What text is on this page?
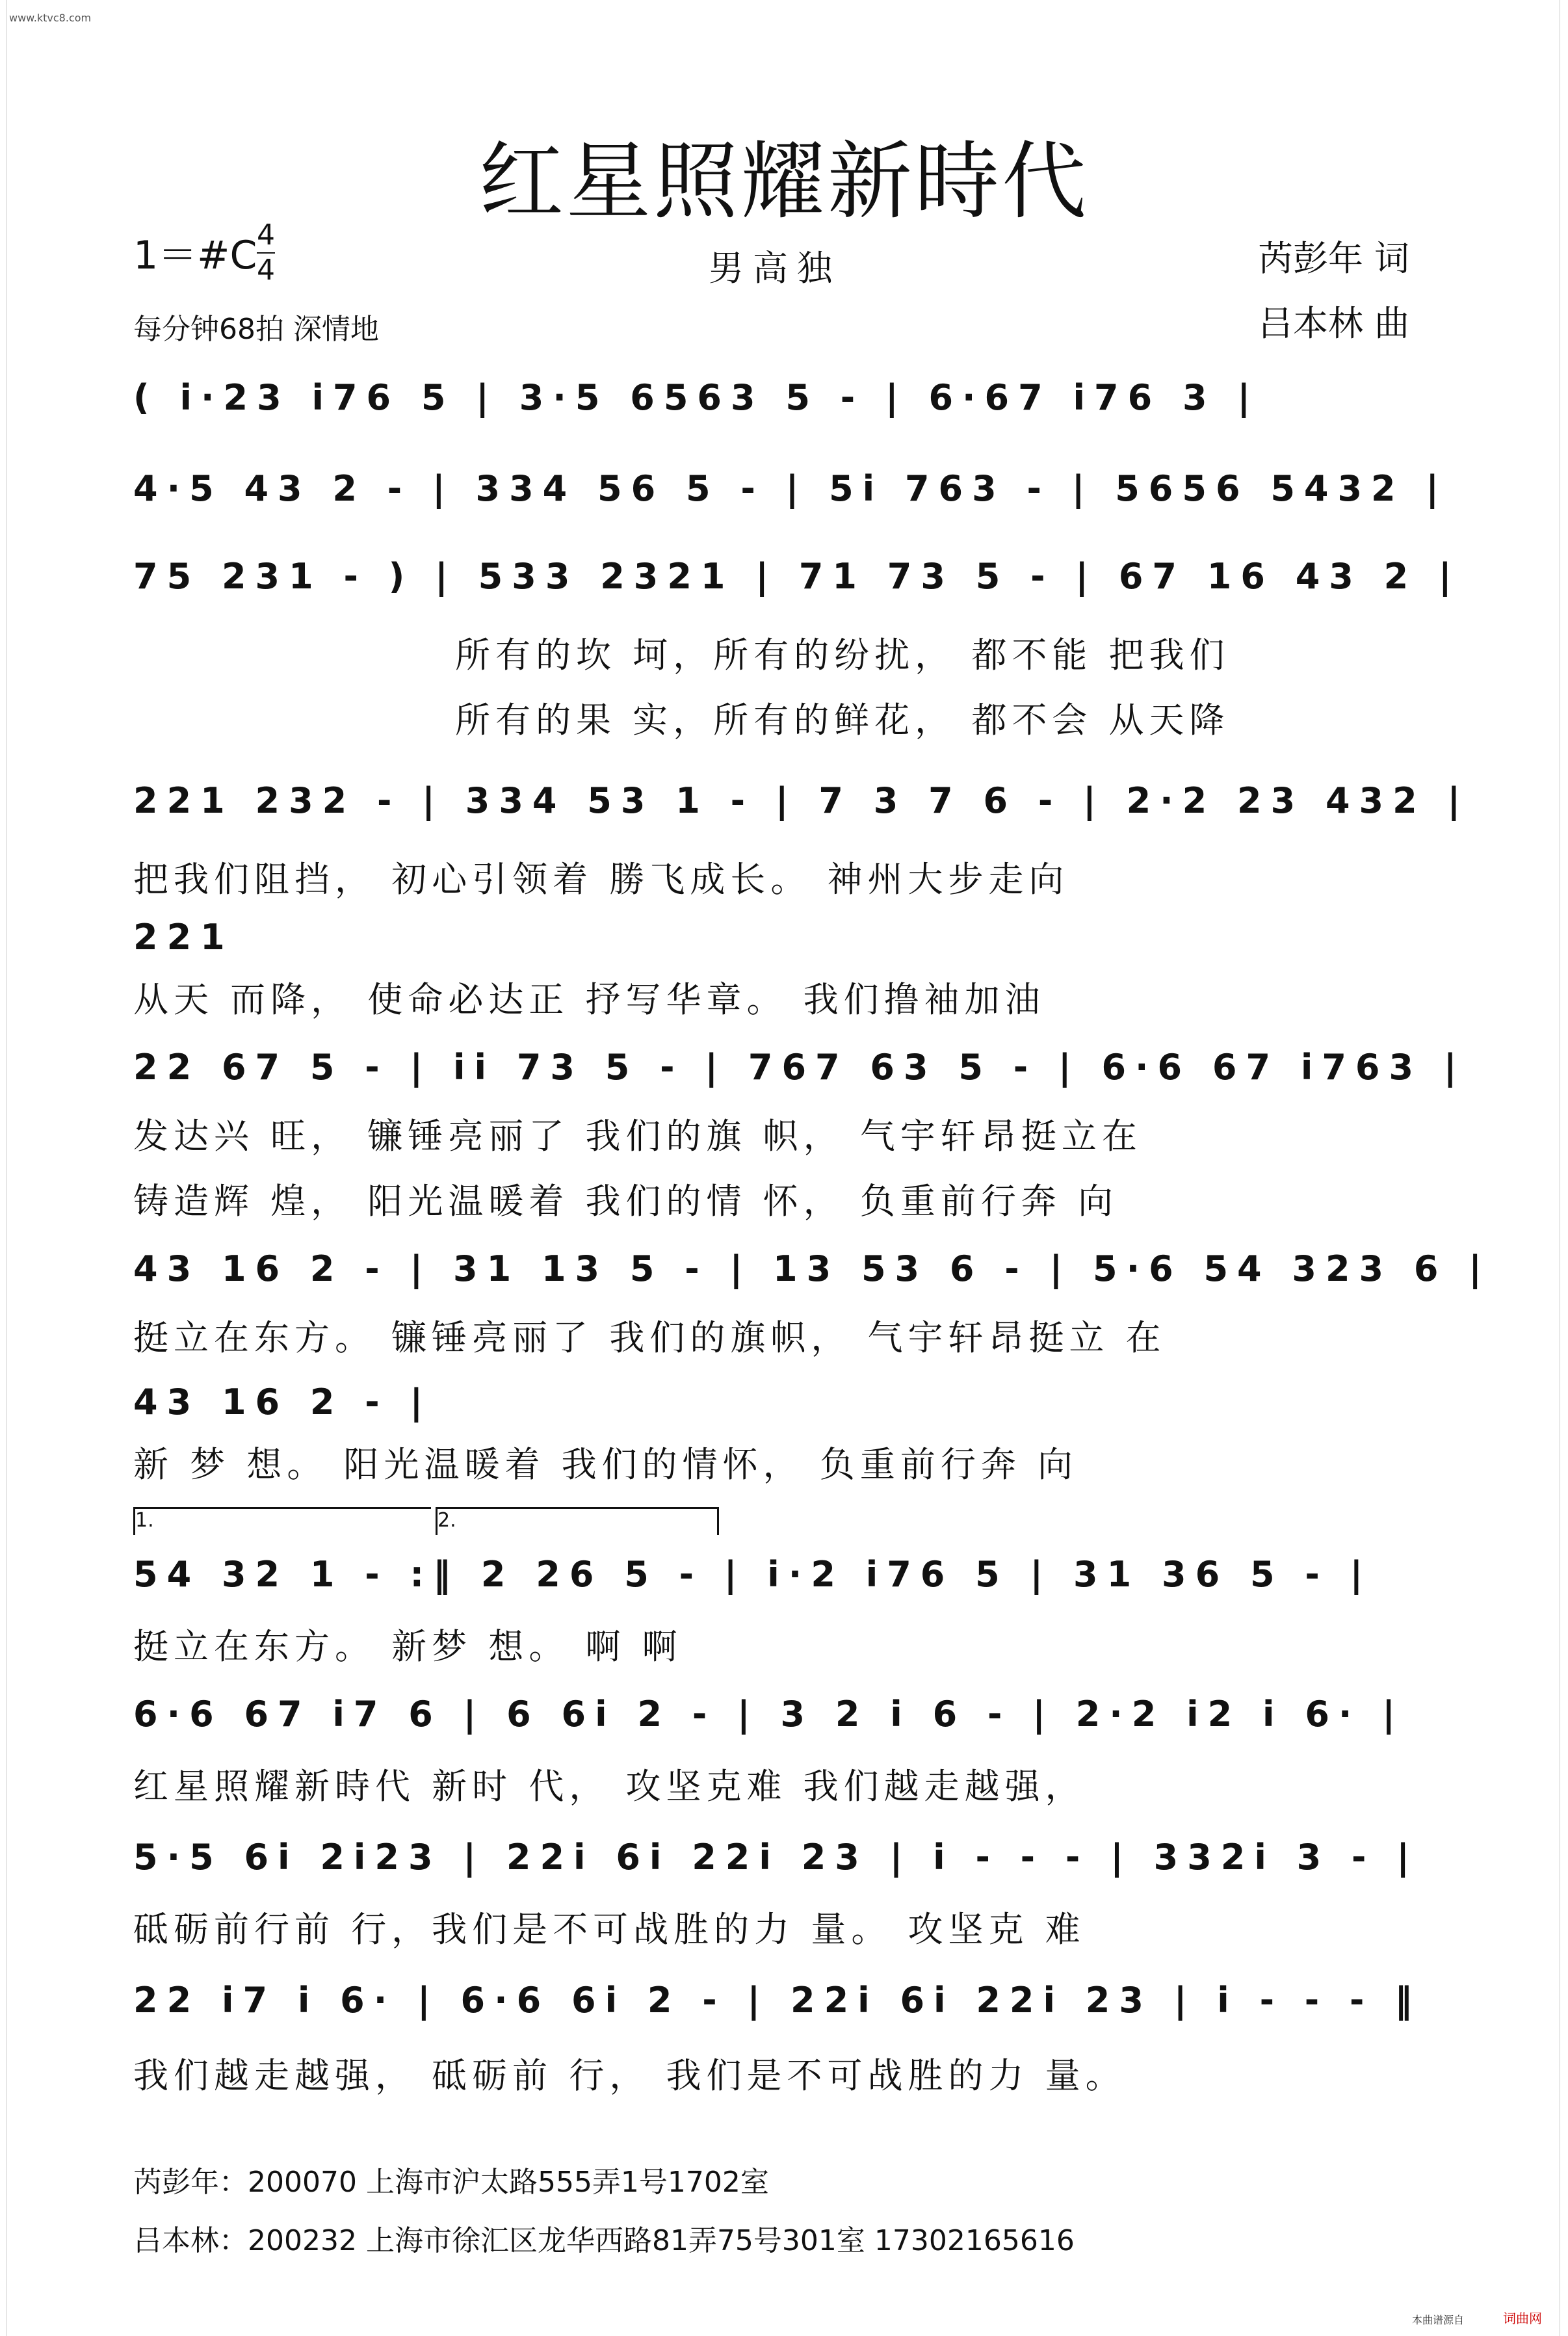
www.ktvc8.com
红星照耀新時代
1＝#C 4
4	男高独	芮彭年 词
吕本林 曲
每分钟68拍 深情地
( i·23 i76 5 | 3·5 6563 5 - | 6·67 i76 3 |
4·5 43 2 - | 334 56 5 - | 5i 763 - | 5656 5432 |
75 231 - ) | 533 2321 | 71 73 5 - | 67 16 43 2 |
所有的坎 坷，所有的纷扰， 都不能 把我们
所有的果 实，所有的鲜花， 都不会 从天降
221 232 - | 334 53 1 - | 7 3 7 6 - | 2·2 23 432 |
把我们阻挡， 初心引领着 勝飞成长。 神州大步走向
221
从天 而降， 使命必达正 抒写华章。 我们撸袖加油
22 67 5 - | ii 73 5 - | 767 63 5 - | 6·6 67 i763 |
发达兴 旺， 镰锤亮丽了 我们的旗 帜， 气宇轩昂挺立在
铸造辉 煌， 阳光温暖着 我们的情 怀， 负重前行奔 向
43 16 2 - | 31 13 5 - | 13 53 6 - | 5·6 54 323 6 |
挺立在东方。 镰锤亮丽了 我们的旗帜， 气宇轩昂挺立 在
43 16 2 - |
新 梦 想。 阳光温暖着 我们的情怀， 负重前行奔 向
1.	2.
54 32 1 - :‖ 2 26 5 - | i·2 i76 5 | 31 36 5 - |
挺立在东方。 新梦 想。 啊 啊
6·6 67 i7 6 | 6 6i 2 - | 3 2 i 6 - | 2·2 i2 i 6· |
红星照耀新時代 新时 代， 攻坚克难 我们越走越强，
5·5 6i 2i23 | 22i 6i 22i 23 | i - - - | 332i 3 - |
砥砺前行前 行，我们是不可战胜的力 量。 攻坚克 难
22 i7 i 6· | 6·6 6i 2 - | 22i 6i 22i 23 | i - - - ‖
我们越走越强， 砥砺前 行， 我们是不可战胜的力 量。
芮彭年：200070 上海市沪太路555弄1号1702室
吕本林：200232 上海市徐汇区龙华西路81弄75号301室 17302165616
本曲谱源自	词曲网
